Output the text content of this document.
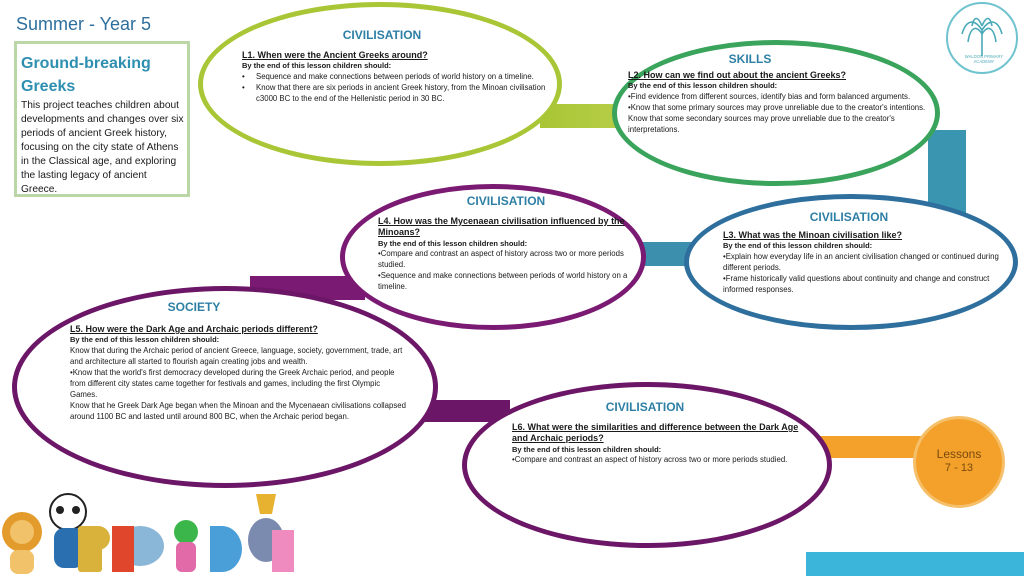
Summer - Year 5
Ground-breaking Greeks
This project teaches children about developments and changes over six periods of ancient Greek history, focusing on the city state of Athens in the Classical age, and exploring the lasting legacy of ancient Greece.
WALDON PRIMARY ACADEMY
CIVILISATION
L1. When were the Ancient Greeks around?
By the end of this lesson children should:
•	Sequence and make connections between periods of world history on a timeline.
•	Know that there are six periods in ancient Greek history, from the Minoan civilisation c3000 BC to the end of the Hellenistic period in 30 BC.
SKILLS
L2. How can we find out about the ancient Greeks?
By the end of this lesson children should:
•Find evidence from different sources, identify bias and form balanced arguments.
•Know that some primary sources may prove unreliable due to the creator's intentions.
Know that some secondary sources may prove unreliable due to the creator's interpretations.
CIVILISATION
L4. How was the Mycenaean civilisation influenced by the Minoans?
By the end of this lesson children should:
•Compare and contrast an aspect of history across two or more periods studied.
•Sequence and make connections between periods of world history on a timeline.
CIVILISATION
L3. What was the Minoan civilisation like?
By the end of this lesson children should:
•Explain how everyday life in an ancient civilisation changed or continued during different periods.
•Frame historically valid questions about continuity and change and construct informed responses.
SOCIETY
L5. How were the Dark Age and Archaic periods different?
By the end of this lesson children should:
Know that during the Archaic period of ancient Greece, language, society, government, trade, art and architecture all started to flourish again creating jobs and wealth.
•Know that the world's first democracy developed during the Greek Archaic period, and people from different city states came together for festivals and games, including the first Olympic Games.
Know that he Greek Dark Age began when the Minoan and the Mycenaean civilisations collapsed around 1100 BC and lasted until around 800 BC, when the Archaic period began.
CIVILISATION
L6. What were the similarities and difference between the Dark Age and Archaic periods?
By the end of this lesson children should:
•Compare and contrast an aspect of history across two or more periods studied.	Lessons
7 - 13
